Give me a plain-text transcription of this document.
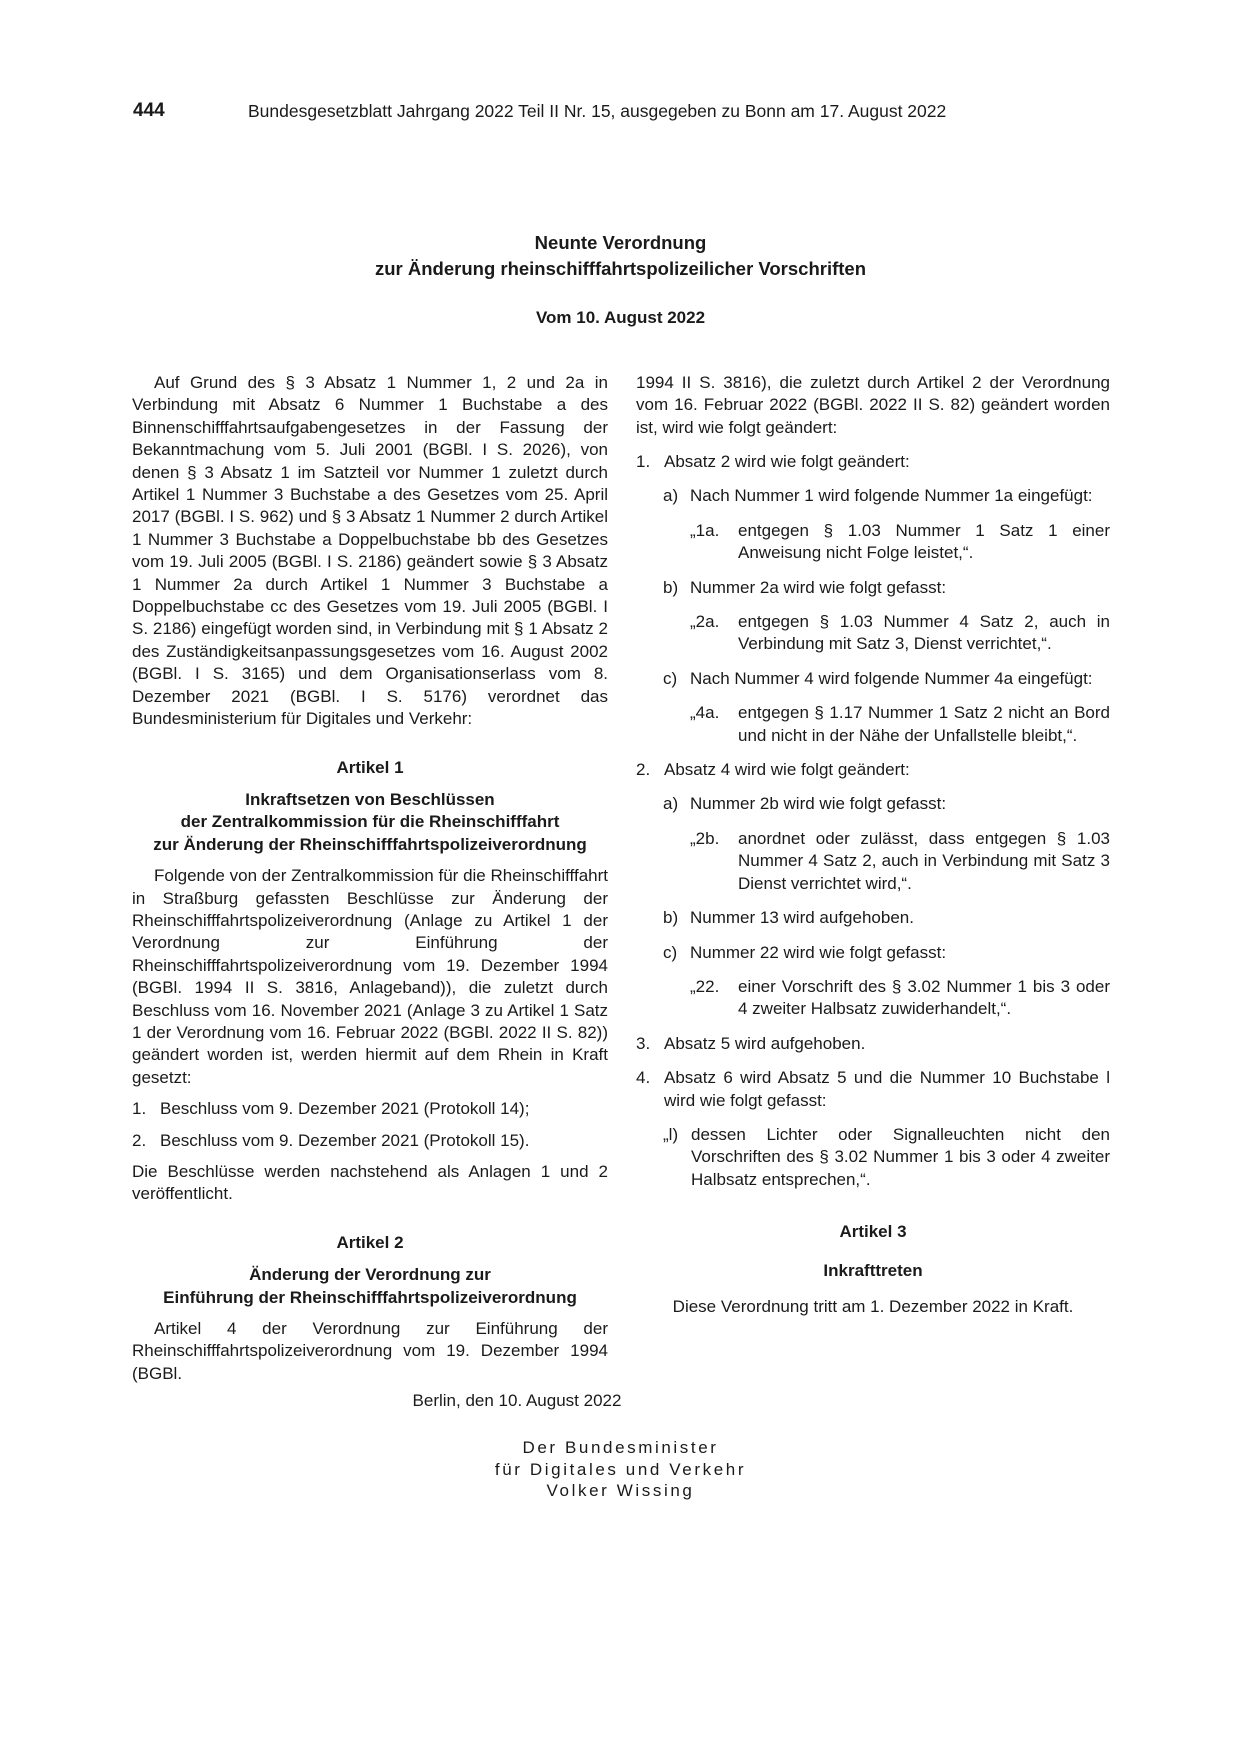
444	Bundesgesetzblatt Jahrgang 2022 Teil II Nr. 15, ausgegeben zu Bonn am 17. August 2022
Neunte Verordnung
zur Änderung rheinschifffahrtspolizeilicher Vorschriften
Vom 10. August 2022

Auf Grund des § 3 Absatz 1 Nummer 1, 2 und 2a in Verbindung mit Absatz 6 Nummer 1 Buchstabe a des Binnenschifffahrtsaufgabengesetzes in der Fassung der Bekanntmachung vom 5. Juli 2001 (BGBl. I S. 2026), von denen § 3 Absatz 1 im Satzteil vor Nummer 1 zuletzt durch Artikel 1 Nummer 3 Buchstabe a des Gesetzes vom 25. April 2017 (BGBl. I S. 962) und § 3 Absatz 1 Nummer 2 durch Artikel 1 Nummer 3 Buchstabe a Doppelbuchstabe bb des Gesetzes vom 19. Juli 2005 (BGBl. I S. 2186) geändert sowie § 3 Absatz 1 Nummer 2a durch Artikel 1 Nummer 3 Buchstabe a Doppelbuchstabe cc des Gesetzes vom 19. Juli 2005 (BGBl. I S. 2186) eingefügt worden sind, in Verbindung mit § 1 Absatz 2 des Zuständigkeitsanpassungsgesetzes vom 16. August 2002 (BGBl. I S. 3165) und dem Organisationserlass vom 8. Dezember 2021 (BGBl. I S. 5176) verordnet das Bundesministerium für Digitales und Verkehr:

Artikel 1
Inkraftsetzen von Beschlüssen
der Zentralkommission für die Rheinschifffahrt
zur Änderung der Rheinschifffahrtspolizeiverordnung

Folgende von der Zentralkommission für die Rheinschifffahrt in Straßburg gefassten Beschlüsse zur Änderung der Rheinschifffahrtspolizeiverordnung (Anlage zu Artikel 1 der Verordnung zur Einführung der Rheinschifffahrtspolizeiverordnung vom 19. Dezember 1994 (BGBl. 1994 II S. 3816, Anlageband)), die zuletzt durch Beschluss vom 16. November 2021 (Anlage 3 zu Artikel 1 Satz 1 der Verordnung vom 16. Februar 2022 (BGBl. 2022 II S. 82)) geändert worden ist, werden hiermit auf dem Rhein in Kraft gesetzt:

1. Beschluss vom 9. Dezember 2021 (Protokoll 14);
2. Beschluss vom 9. Dezember 2021 (Protokoll 15).

Die Beschlüsse werden nachstehend als Anlagen 1 und 2 veröffentlicht.

Artikel 2
Änderung der Verordnung zur
Einführung der Rheinschifffahrtspolizeiverordnung

Artikel 4 der Verordnung zur Einführung der Rheinschifffahrtspolizeiverordnung vom 19. Dezember 1994 (BGBl.

1994 II S. 3816), die zuletzt durch Artikel 2 der Verordnung vom 16. Februar 2022 (BGBl. 2022 II S. 82) geändert worden ist, wird wie folgt geändert:

1. Absatz 2 wird wie folgt geändert:
a) Nach Nummer 1 wird folgende Nummer 1a eingefügt:
„1a.	entgegen § 1.03 Nummer 1 Satz 1 einer Anweisung nicht Folge leistet,“.
b) Nummer 2a wird wie folgt gefasst:
„2a.	entgegen § 1.03 Nummer 4 Satz 2, auch in Verbindung mit Satz 3, Dienst verrichtet,“.
c) Nach Nummer 4 wird folgende Nummer 4a eingefügt:
„4a.	entgegen § 1.17 Nummer 1 Satz 2 nicht an Bord und nicht in der Nähe der Unfallstelle bleibt,“.
2. Absatz 4 wird wie folgt geändert:
a) Nummer 2b wird wie folgt gefasst:
„2b.	anordnet oder zulässt, dass entgegen § 1.03 Nummer 4 Satz 2, auch in Verbindung mit Satz 3 Dienst verrichtet wird,“.
b) Nummer 13 wird aufgehoben.
c) Nummer 22 wird wie folgt gefasst:
„22.	einer Vorschrift des § 3.02 Nummer 1 bis 3 oder 4 zweiter Halbsatz zuwiderhandelt,“.
3. Absatz 5 wird aufgehoben.
4. Absatz 6 wird Absatz 5 und die Nummer 10 Buchstabe l wird wie folgt gefasst:
„l) dessen Lichter oder Signalleuchten nicht den Vorschriften des § 3.02 Nummer 1 bis 3 oder 4 zweiter Halbsatz entsprechen,“.
Artikel 3
Inkrafttreten

Diese Verordnung tritt am 1. Dezember 2022 in Kraft.

Berlin, den 10. August 2022
Der Bundesminister
für Digitales und Verkehr
Volker Wissing
